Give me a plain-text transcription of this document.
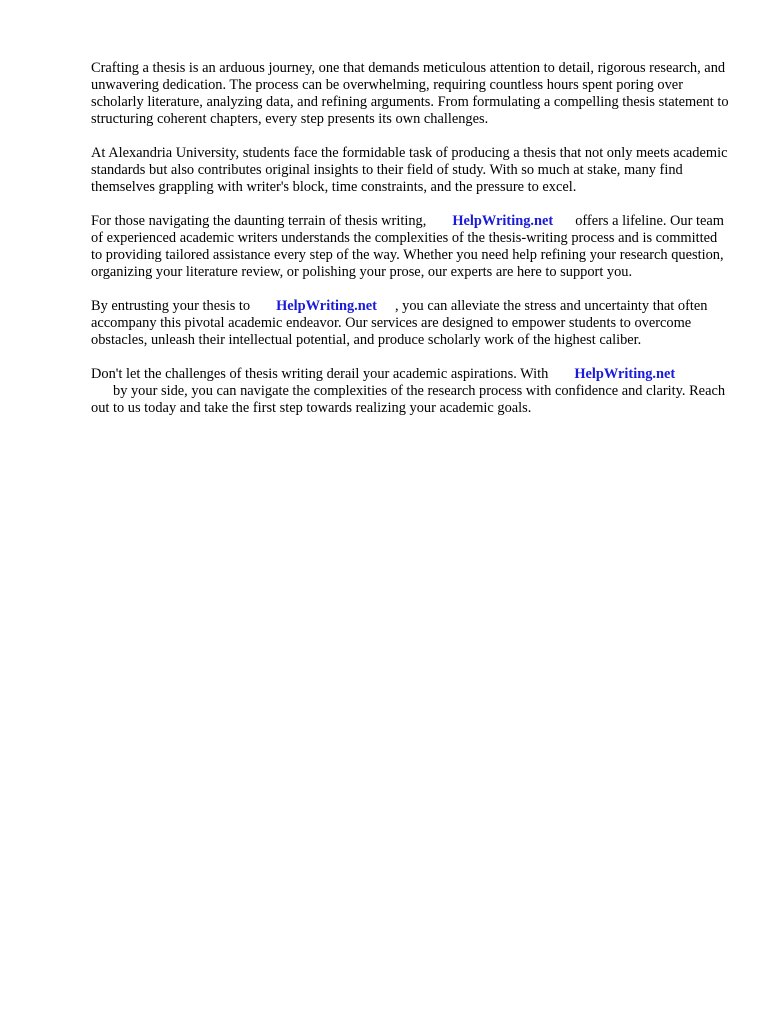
Crafting a thesis is an arduous journey, one that demands meticulous attention to detail, rigorous research, and unwavering dedication. The process can be overwhelming, requiring countless hours spent poring over scholarly literature, analyzing data, and refining arguments. From formulating a compelling thesis statement to structuring coherent chapters, every step presents its own challenges.

At Alexandria University, students face the formidable task of producing a thesis that not only meets academic standards but also contributes original insights to their field of study. With so much at stake, many find themselves grappling with writer's block, time constraints, and the pressure to excel.

For those navigating the daunting terrain of thesis writing, HelpWriting.net offers a lifeline. Our team of experienced academic writers understands the complexities of the thesis-writing process and is committed to providing tailored assistance every step of the way. Whether you need help refining your research question, organizing your literature review, or polishing your prose, our experts are here to support you.

By entrusting your thesis to HelpWriting.net , you can alleviate the stress and uncertainty that often accompany this pivotal academic endeavor. Our services are designed to empower students to overcome obstacles, unleash their intellectual potential, and produce scholarly work of the highest caliber.

Don't let the challenges of thesis writing derail your academic aspirations. With HelpWriting.net
by your side, you can navigate the complexities of the research process with confidence and clarity. Reach out to us today and take the first step towards realizing your academic goals.
